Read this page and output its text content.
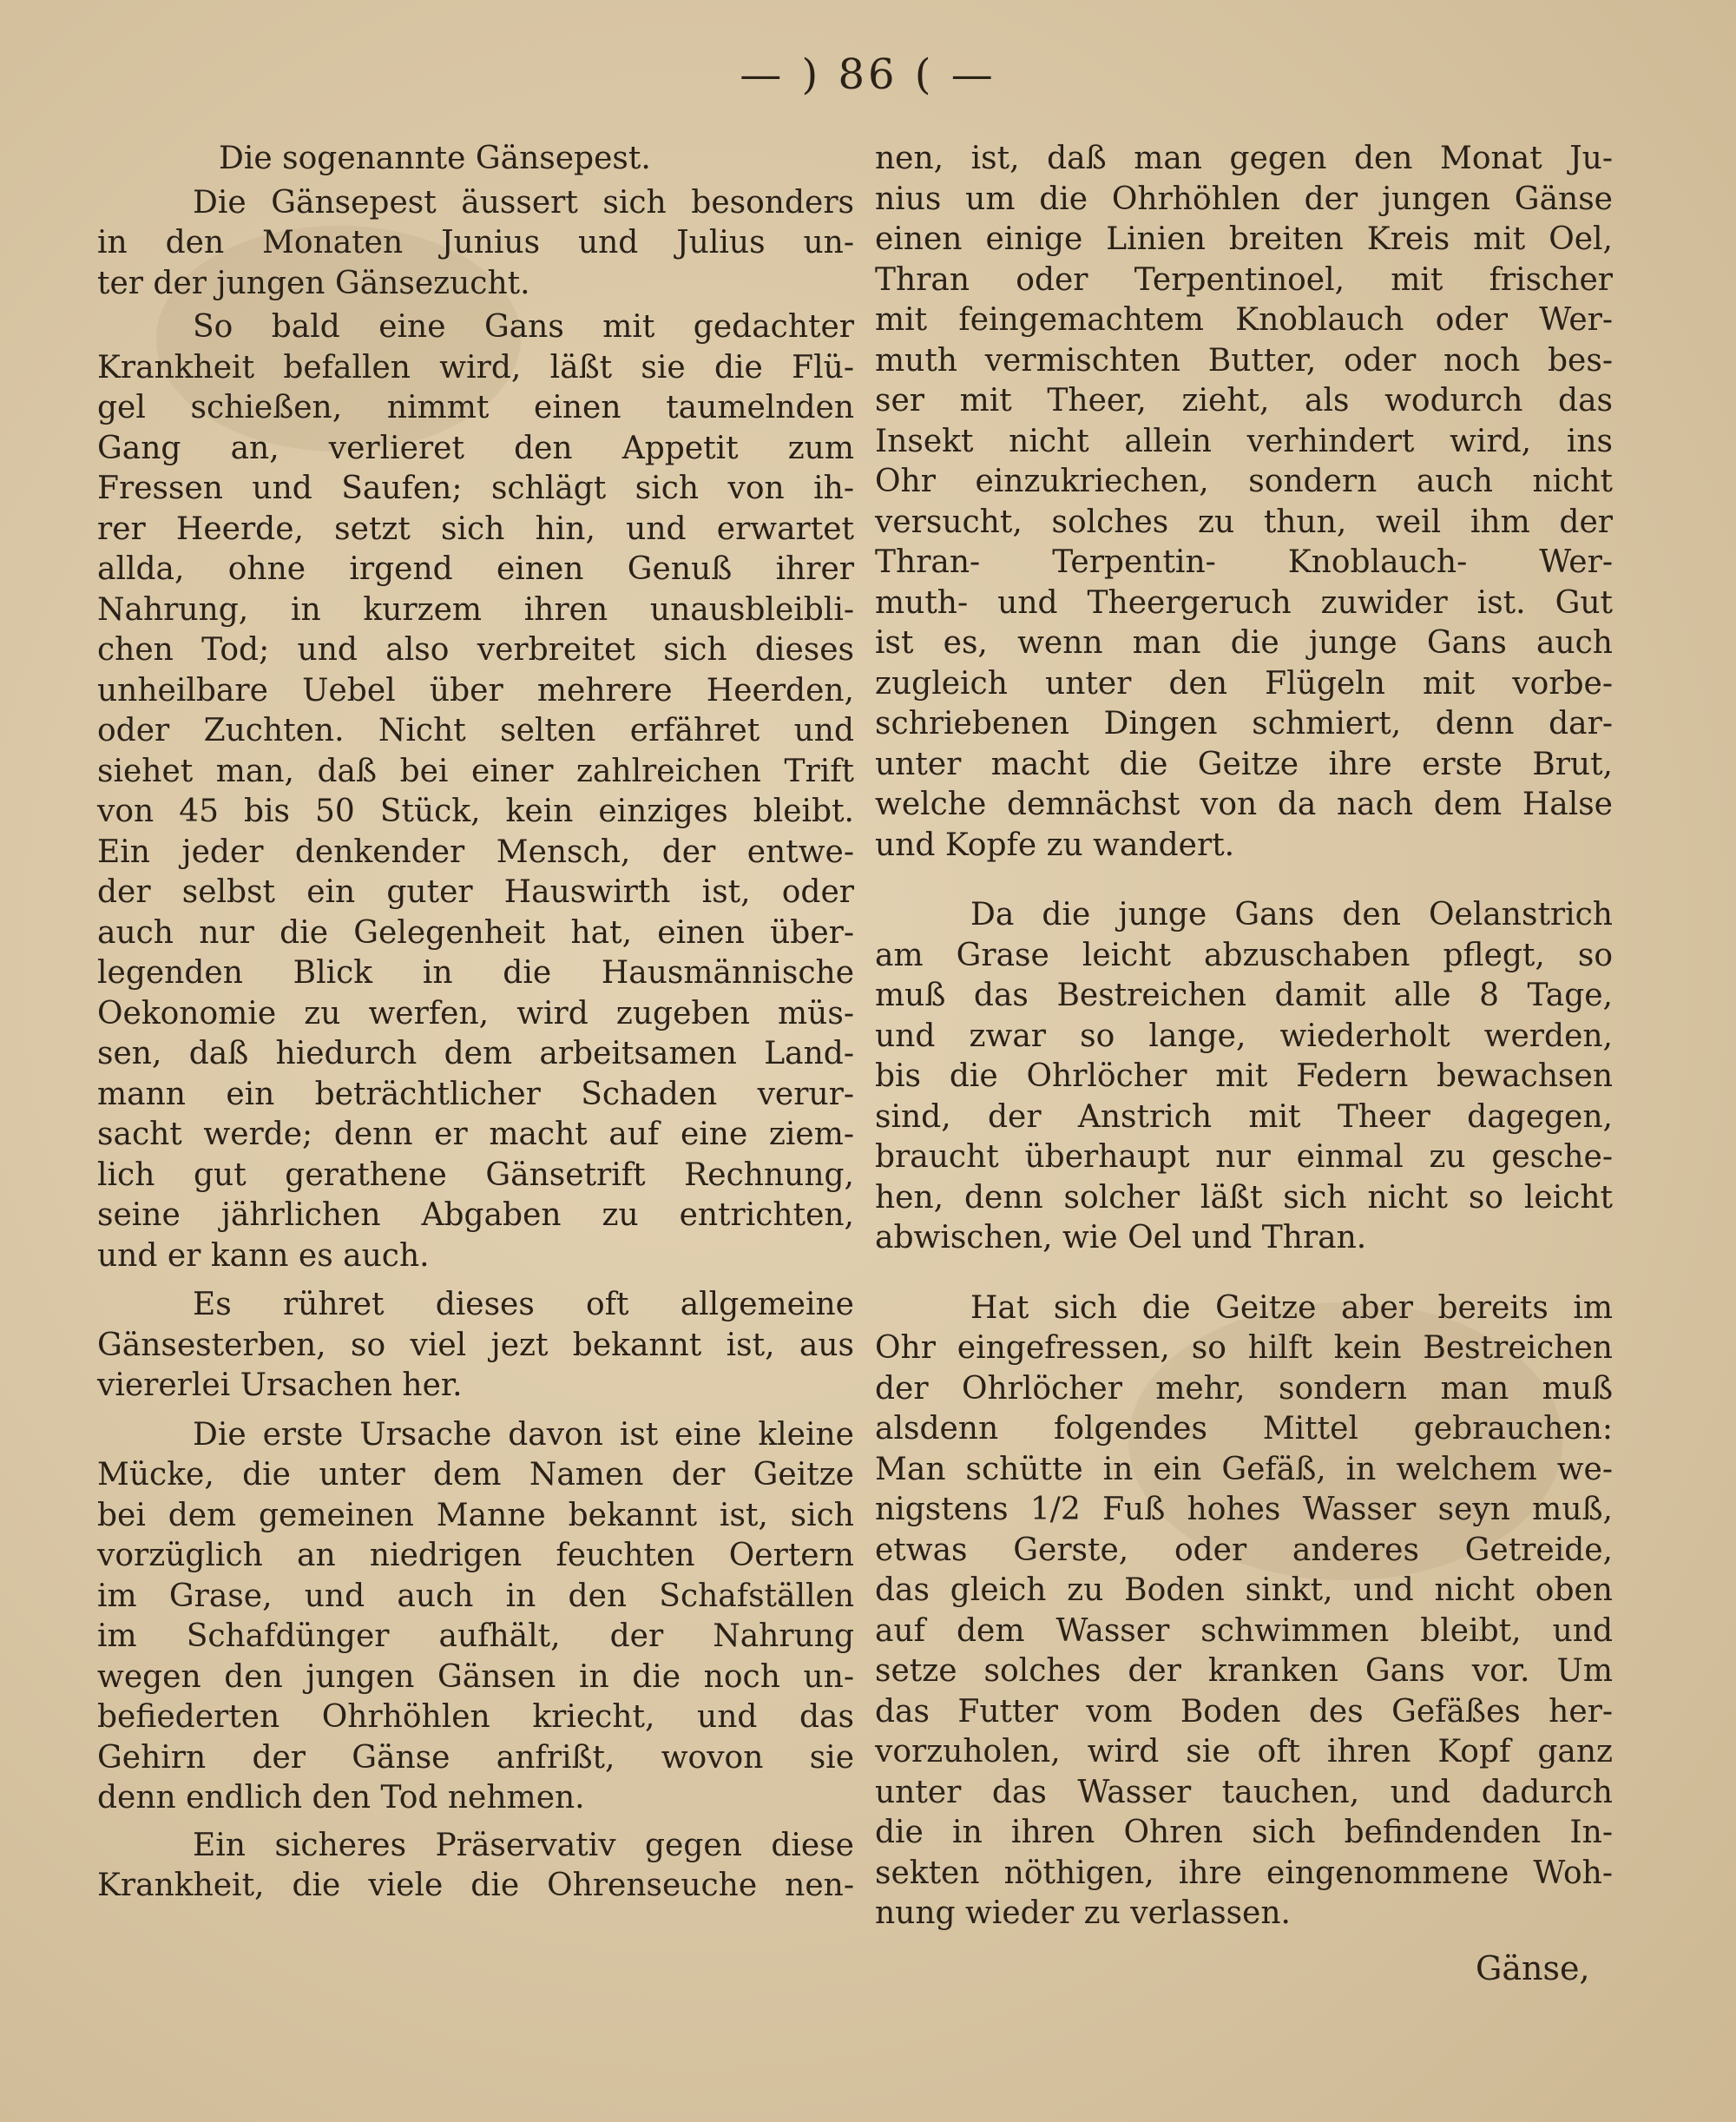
— ) 86 ( —
Die sogenannte Gänsepest.
Die Gänsepest äussert sich besonders
in den Monaten Junius und Julius un-
ter der jungen Gänsezucht.
So bald eine Gans mit gedachter
Krankheit befallen wird, läßt sie die Flü-
gel schießen, nimmt einen taumelnden
Gang an, verlieret den Appetit zum
Fressen und Saufen; schlägt sich von ih-
rer Heerde, setzt sich hin, und erwartet
allda, ohne irgend einen Genuß ihrer
Nahrung, in kurzem ihren unausbleibli-
chen Tod; und also verbreitet sich dieses
unheilbare Uebel über mehrere Heerden,
oder Zuchten. Nicht selten erfähret und
siehet man, daß bei einer zahlreichen Trift
von 45 bis 50 Stück, kein einziges bleibt.
Ein jeder denkender Mensch, der entwe-
der selbst ein guter Hauswirth ist, oder
auch nur die Gelegenheit hat, einen über-
legenden Blick in die Hausmännische
Oekonomie zu werfen, wird zugeben müs-
sen, daß hiedurch dem arbeitsamen Land-
mann ein beträchtlicher Schaden verur-
sacht werde; denn er macht auf eine ziem-
lich gut gerathene Gänsetrift Rechnung,
seine jährlichen Abgaben zu entrichten,
und er kann es auch.
Es rühret dieses oft allgemeine
Gänsesterben, so viel jezt bekannt ist, aus
viererlei Ursachen her.
Die erste Ursache davon ist eine kleine
Mücke, die unter dem Namen der Geitze
bei dem gemeinen Manne bekannt ist, sich
vorzüglich an niedrigen feuchten Oertern
im Grase, und auch in den Schafställen
im Schafdünger aufhält, der Nahrung
wegen den jungen Gänsen in die noch un-
befiederten Ohrhöhlen kriecht, und das
Gehirn der Gänse anfrißt, wovon sie
denn endlich den Tod nehmen.
Ein sicheres Präservativ gegen diese
Krankheit, die viele die Ohrenseuche nen-
nen, ist, daß man gegen den Monat Ju-
nius um die Ohrhöhlen der jungen Gänse
einen einige Linien breiten Kreis mit Oel,
Thran oder Terpentinoel, mit frischer
mit feingemachtem Knoblauch oder Wer-
muth vermischten Butter, oder noch bes-
ser mit Theer, zieht, als wodurch das
Insekt nicht allein verhindert wird, ins
Ohr einzukriechen, sondern auch nicht
versucht, solches zu thun, weil ihm der
Thran- Terpentin- Knoblauch- Wer-
muth- und Theergeruch zuwider ist. Gut
ist es, wenn man die junge Gans auch
zugleich unter den Flügeln mit vorbe-
schriebenen Dingen schmiert, denn dar-
unter macht die Geitze ihre erste Brut,
welche demnächst von da nach dem Halse
und Kopfe zu wandert.
Da die junge Gans den Oelanstrich
am Grase leicht abzuschaben pflegt, so
muß das Bestreichen damit alle 8 Tage,
und zwar so lange, wiederholt werden,
bis die Ohrlöcher mit Federn bewachsen
sind, der Anstrich mit Theer dagegen,
braucht überhaupt nur einmal zu gesche-
hen, denn solcher läßt sich nicht so leicht
abwischen, wie Oel und Thran.
Hat sich die Geitze aber bereits im
Ohr eingefressen, so hilft kein Bestreichen
der Ohrlöcher mehr, sondern man muß
alsdenn folgendes Mittel gebrauchen:
Man schütte in ein Gefäß, in welchem we-
nigstens 1/2 Fuß hohes Wasser seyn muß,
etwas Gerste, oder anderes Getreide,
das gleich zu Boden sinkt, und nicht oben
auf dem Wasser schwimmen bleibt, und
setze solches der kranken Gans vor. Um
das Futter vom Boden des Gefäßes her-
vorzuholen, wird sie oft ihren Kopf ganz
unter das Wasser tauchen, und dadurch
die in ihren Ohren sich befindenden In-
sekten nöthigen, ihre eingenommene Woh-
nung wieder zu verlassen.
Gänse,
